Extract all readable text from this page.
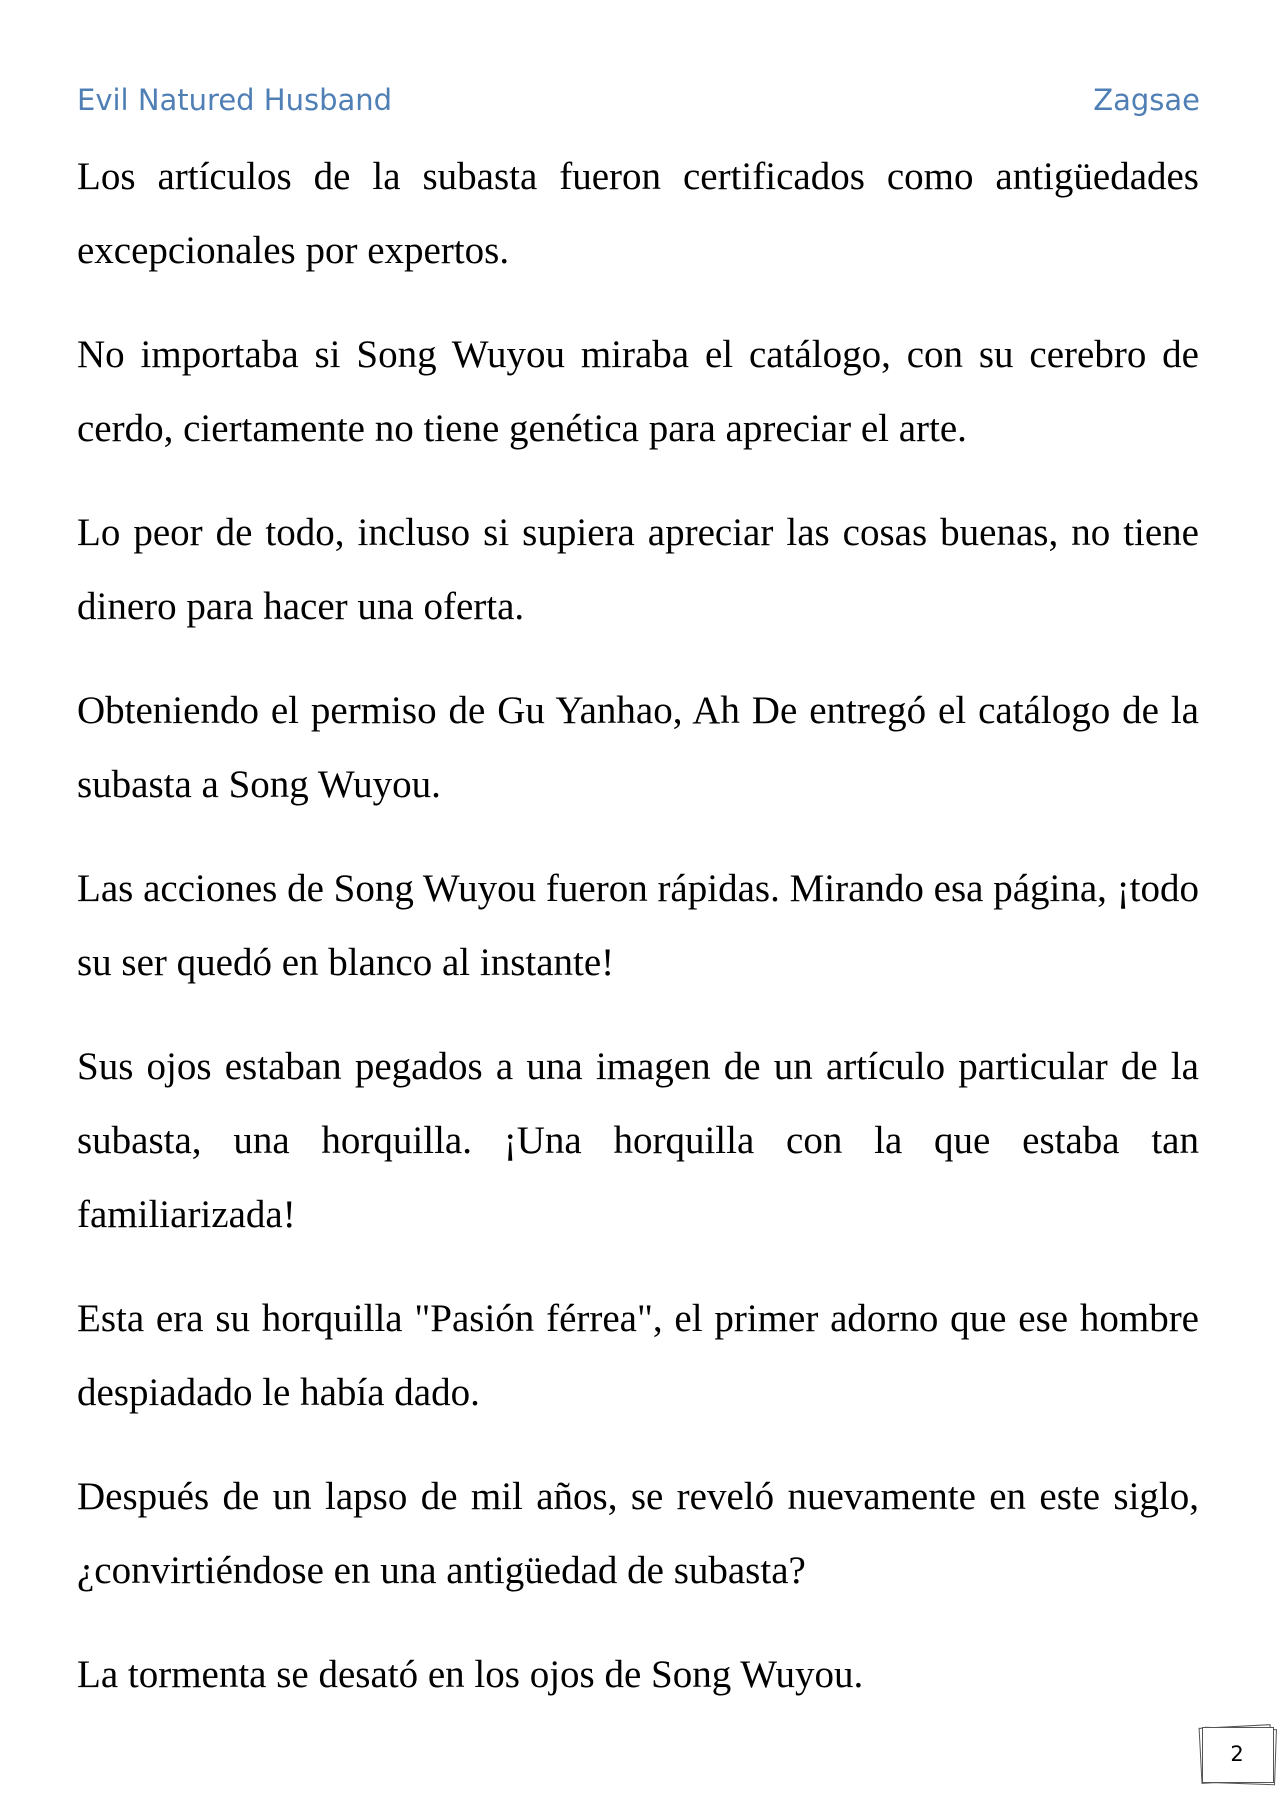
Evil Natured Husband	Zagsae

Los artículos de la subasta fueron certificados como antigüedades excepcionales por expertos.

No importaba si Song Wuyou miraba el catálogo, con su cerebro de cerdo, ciertamente no tiene genética para apreciar el arte.

Lo peor de todo, incluso si supiera apreciar las cosas buenas, no tiene dinero para hacer una oferta.

Obteniendo el permiso de Gu Yanhao, Ah De entregó el catálogo de la subasta a Song Wuyou.

Las acciones de Song Wuyou fueron rápidas. Mirando esa página, ¡todo su ser quedó en blanco al instante!

Sus ojos estaban pegados a una imagen de un artículo particular de la subasta, una horquilla. ¡Una horquilla con la que estaba tan familiarizada!

Esta era su horquilla "Pasión férrea", el primer adorno que ese hombre despiadado le había dado.

Después de un lapso de mil años, se reveló nuevamente en este siglo, ¿convirtiéndose en una antigüedad de subasta?

La tormenta se desató en los ojos de Song Wuyou.

2
